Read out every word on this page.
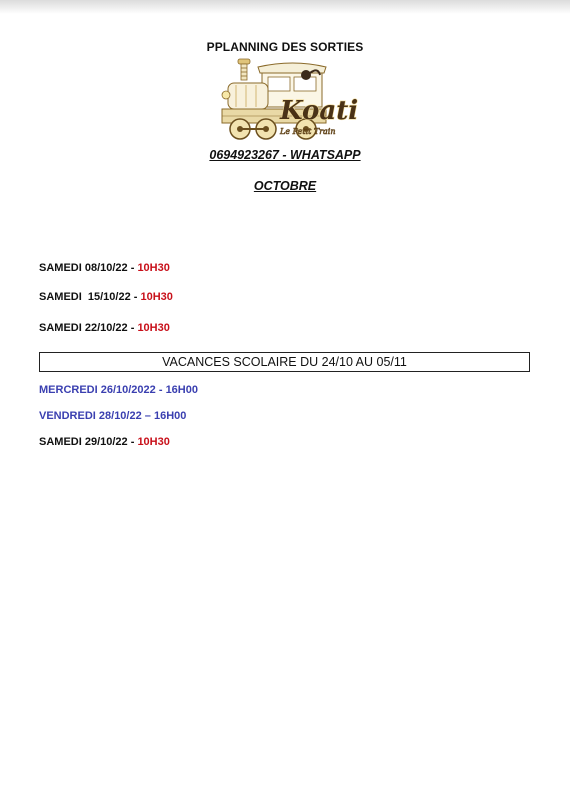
PPLANNING DES SORTIES
Koati
Le Petit Train
0694923267 - WHATSAPP
OCTOBRE
SAMEDI 08/10/22 - 10H30
SAMEDI  15/10/22 - 10H30
SAMEDI 22/10/22 - 10H30
VACANCES SCOLAIRE DU 24/10 AU 05/11
MERCREDI 26/10/2022 - 16H00
VENDREDI 28/10/22 – 16H00
SAMEDI 29/10/22 - 10H30
